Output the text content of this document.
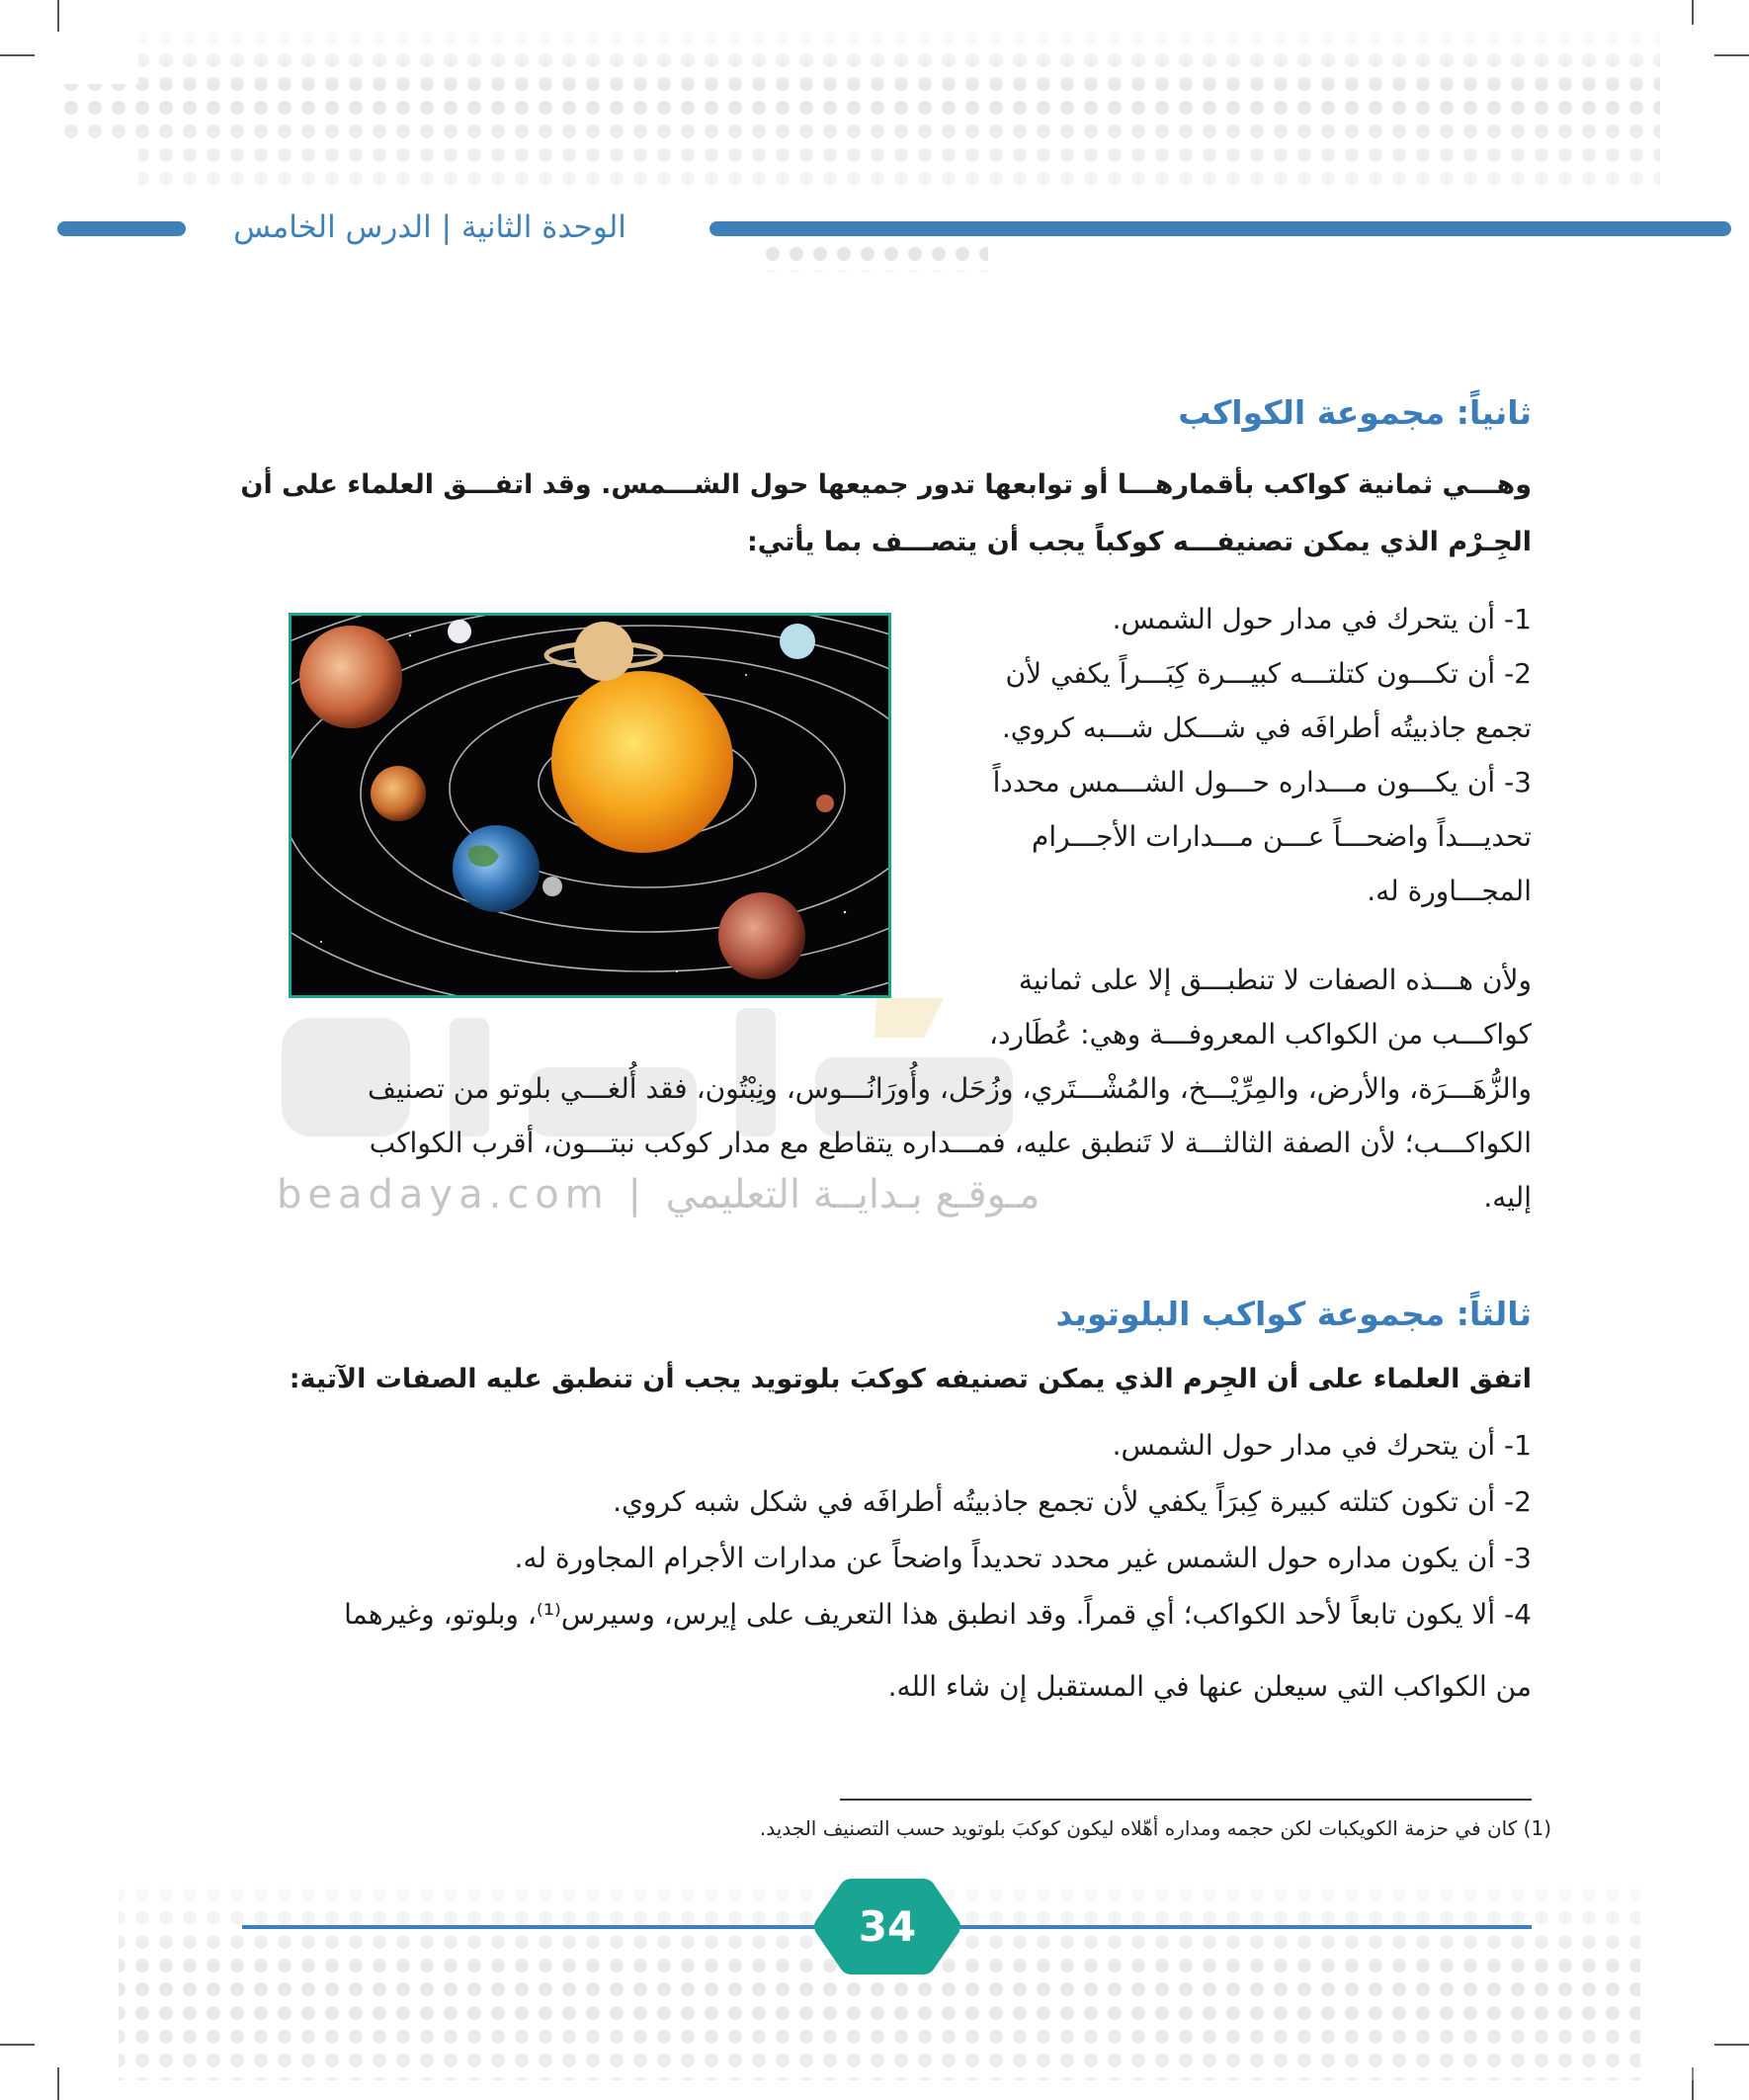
الوحدة الثانية | الدرس الخامس
beadaya.com | مـوقـع بـدايــة التعليمي
ثانياً: مجموعة الكواكب
وهـــي ثمانية كواكب بأقمارهـــا أو توابعها تدور جميعها حول الشـــمس. وقد اتفـــق العلماء على أن
الجِـرْم الذي يمكن تصنيفـــه كوكباً يجب أن يتصـــف بما يأتي:
1- أن يتحرك في مدار حول الشمس.
2- أن تكـــون كتلتـــه كبيـــرة كِبَـــراً يكفي لأن
تجمع جاذبيتُه أطرافَه في شـــكل شـــبه كروي.
3- أن يكـــون مـــداره حـــول الشـــمس محدداً
تحديـــداً واضحـــاً عـــن مـــدارات الأجـــرام
المجـــاورة له.
ولأن هـــذه الصفات لا تنطبـــق إلا على ثمانية
كواكـــب من الكواكب المعروفـــة وهي: عُطَارد،
والزُّهَـــرَة، والأرض، والمِرِّيْـــخ، والمُشْـــتَري، وزُحَل، وأُورَانُـــوس، ونِبْتُون، فقد أُلغـــي بلوتو من تصنيف
الكواكـــب؛ لأن الصفة الثالثـــة لا تَنطبق عليه، فمـــداره يتقاطع مع مدار كوكب نبتـــون، أقرب الكواكب
إليه.
ثالثاً: مجموعة كواكب البلوتويد
اتفق العلماء على أن الجِرم الذي يمكن تصنيفه كوكبَ بلوتويد يجب أن تنطبق عليه الصفات الآتية:
1- أن يتحرك في مدار حول الشمس.
2- أن تكون كتلته كبيرة كِبرَاً يكفي لأن تجمع جاذبيتُه أطرافَه في شكل شبه كروي.
3- أن يكون مداره حول الشمس غير محدد تحديداً واضحاً عن مدارات الأجرام المجاورة له.
4- ألا يكون تابعاً لأحد الكواكب؛ أي قمراً. وقد انطبق هذا التعريف على إيرس، وسيرس⁽¹⁾، وبلوتو، وغيرهما
من الكواكب التي سيعلن عنها في المستقبل إن شاء الله.
(1) كان في حزمة الكويكبات لكن حجمه ومداره أهّلاه ليكون كوكبَ بلوتويد حسب التصنيف الجديد.
34
